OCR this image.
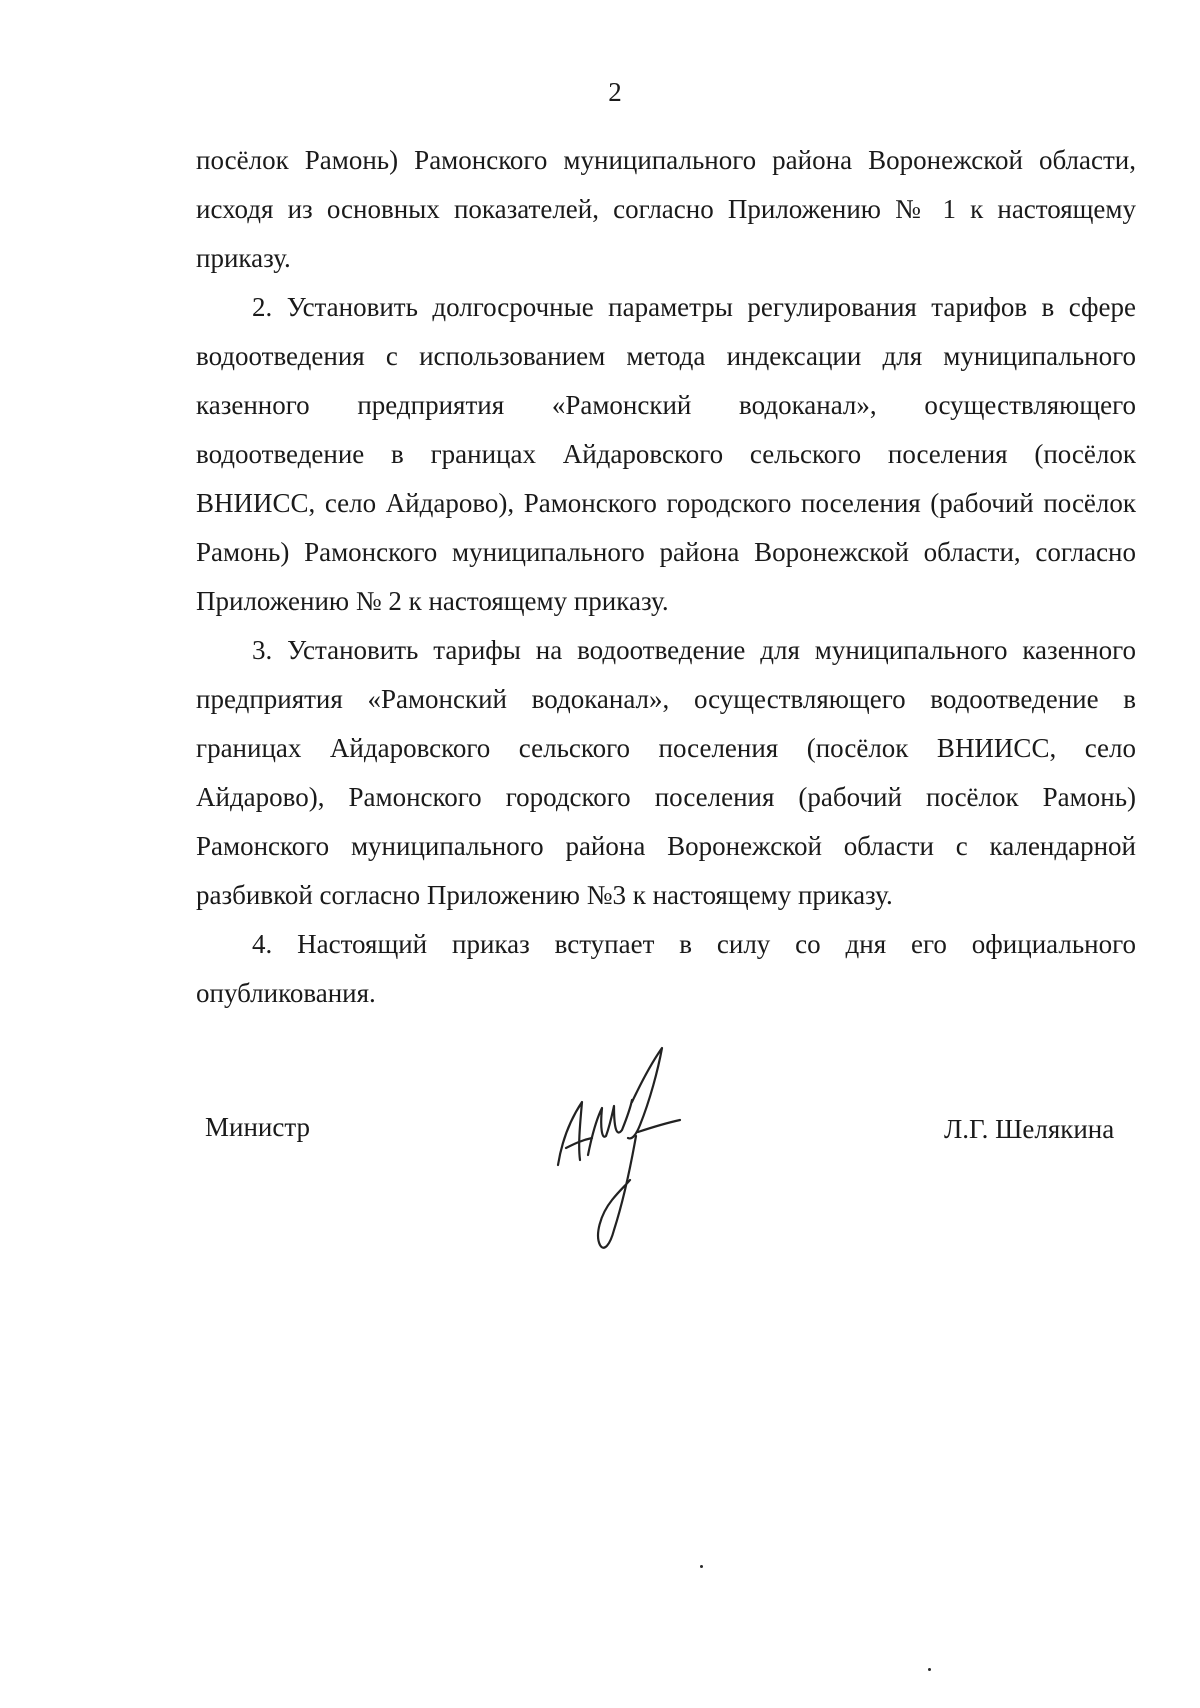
2

посёлок Рамонь) Рамонского муниципального района Воронежской области, исходя из основных показателей, согласно Приложению № 1 к настоящему приказу.

2. Установить долгосрочные параметры регулирования тарифов в сфере водоотведения с использованием метода индексации для муниципального казенного предприятия «Рамонский водоканал», осуществляющего водоотведение в границах Айдаровского сельского поселения (посёлок ВНИИСС, село Айдарово), Рамонского городского поселения (рабочий посёлок Рамонь) Рамонского муниципального района Воронежской области, согласно Приложению № 2 к настоящему приказу.

3. Установить тарифы на водоотведение для муниципального казенного предприятия «Рамонский водоканал», осуществляющего водоотведение в границах Айдаровского сельского поселения (посёлок ВНИИСС, село Айдарово), Рамонского городского поселения (рабочий посёлок Рамонь) Рамонского муниципального района Воронежской области с календарной разбивкой согласно Приложению №3 к настоящему приказу.

4. Настоящий приказ вступает в силу со дня его официального опубликования.

Министр	Л.Г. Шелякина
